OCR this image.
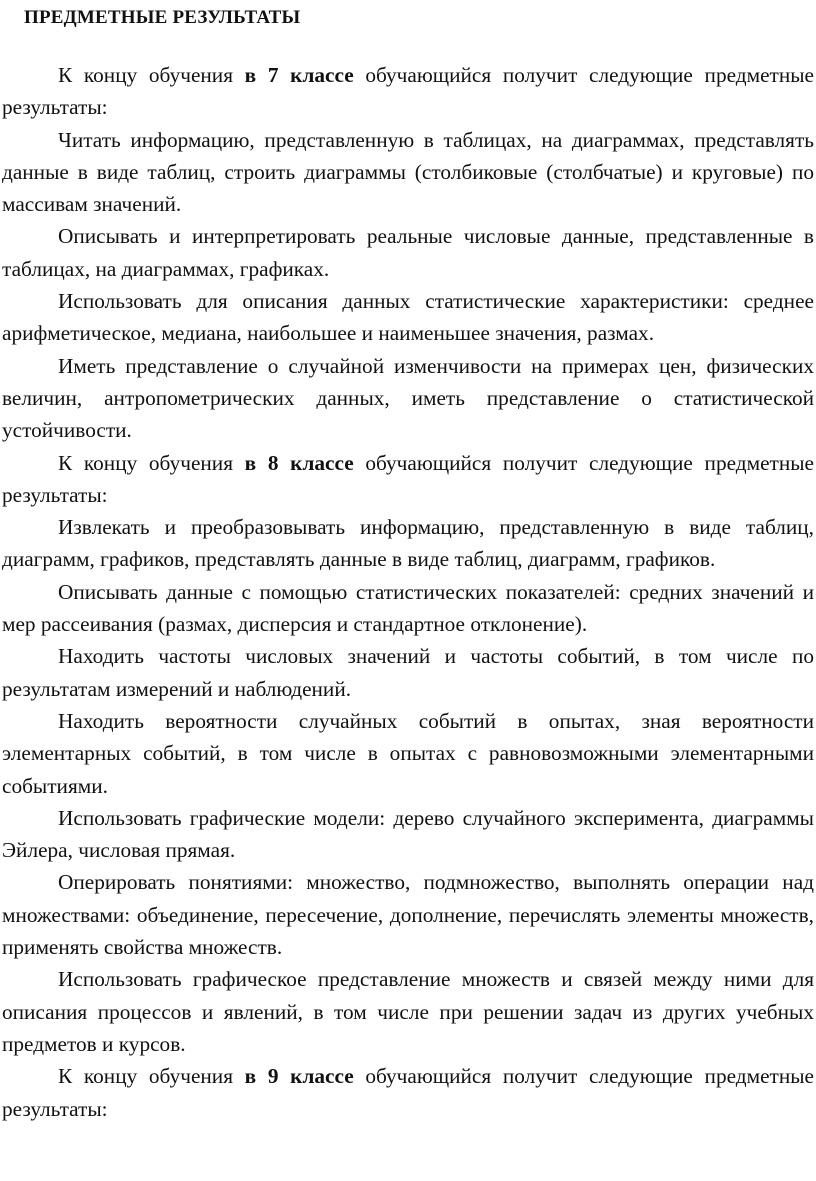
ПРЕДМЕТНЫЕ РЕЗУЛЬТАТЫ

К концу обучения в 7 классе обучающийся получит следующие предметные результаты:

Читать информацию, представленную в таблицах, на диаграммах, представлять данные в виде таблиц, строить диаграммы (столбиковые (столбчатые) и круговые) по массивам значений.

Описывать и интерпретировать реальные числовые данные, представленные в таблицах, на диаграммах, графиках.

Использовать для описания данных статистические характеристики: среднее арифметическое, медиана, наибольшее и наименьшее значения, размах.

Иметь представление о случайной изменчивости на примерах цен, физических величин, антропометрических данных, иметь представление о статистической устойчивости.

К концу обучения в 8 классе обучающийся получит следующие предметные результаты:

Извлекать и преобразовывать информацию, представленную в виде таблиц, диаграмм, графиков, представлять данные в виде таблиц, диаграмм, графиков.

Описывать данные с помощью статистических показателей: средних значений и мер рассеивания (размах, дисперсия и стандартное отклонение).

Находить частоты числовых значений и частоты событий, в том числе по результатам измерений и наблюдений.

Находить вероятности случайных событий в опытах, зная вероятности элементарных событий, в том числе в опытах с равновозможными элементарными событиями.

Использовать графические модели: дерево случайного эксперимента, диаграммы Эйлера, числовая прямая.

Оперировать понятиями: множество, подмножество, выполнять операции над множествами: объединение, пересечение, дополнение, перечислять элементы множеств, применять свойства множеств.

Использовать графическое представление множеств и связей между ними для описания процессов и явлений, в том числе при решении задач из других учебных предметов и курсов.

К концу обучения в 9 классе обучающийся получит следующие предметные результаты:
